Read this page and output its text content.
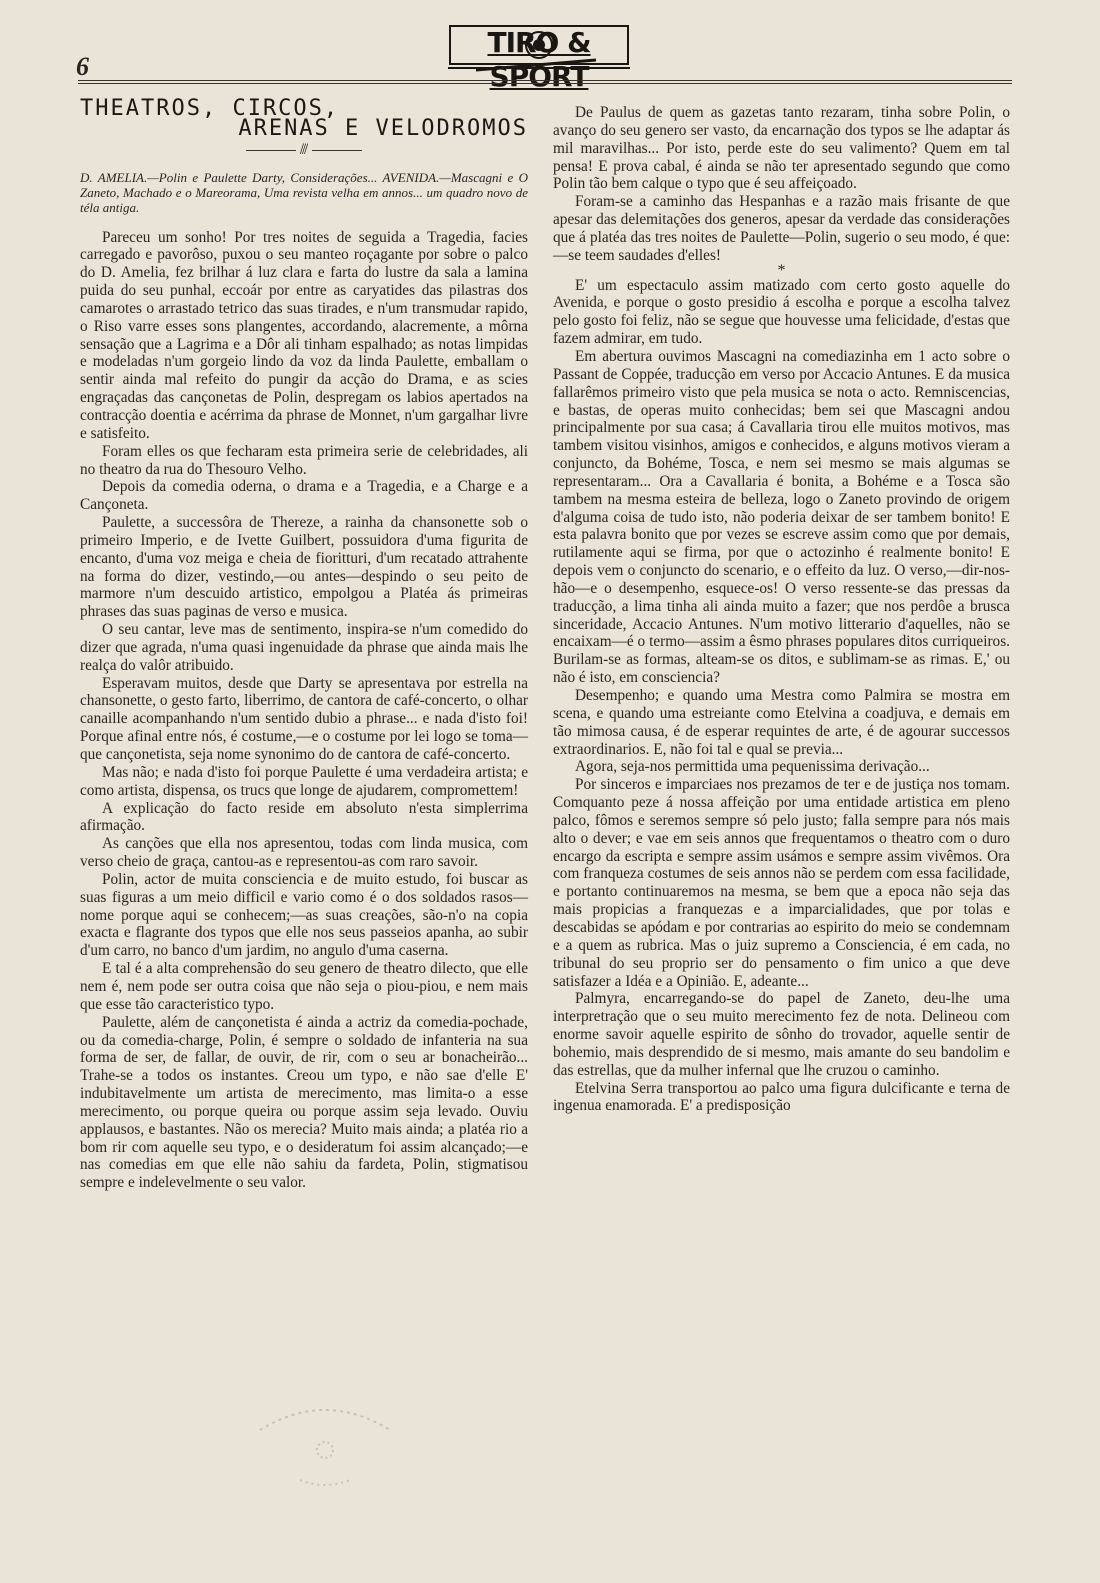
6
TIRO & SPORT
THEATROS, CIRCOS,
ARENAS E VELODROMOS
⫻

D. AMELIA.—Polin e Paulette Darty, Considerações... AVENIDA.—Mascagni e O Zaneto, Machado e o Mareorama, Uma revista velha em annos... um quadro novo de téla antiga.

Pareceu um sonho! Por tres noites de seguida a Tragedia, facies carregado e pavorôso, puxou o seu manteo roçagante por sobre o palco do D. Amelia, fez brilhar á luz clara e farta do lustre da sala a lamina puida do seu punhal, eccoár por entre as caryatides das pilastras dos camarotes o arrastado tetrico das suas tirades, e n'um transmudar rapido, o Riso varre esses sons plangentes, accordando, alacremente, a môrna sensação que a Lagrima e a Dôr ali tinham espalhado; as notas limpidas e modeladas n'um gorgeio lindo da voz da linda Paulette, emballam o sentir ainda mal refeito do pungir da acção do Drama, e as scies engraçadas das cançonetas de Polin, despregam os labios apertados na contracção doentia e acérrima da phrase de Monnet, n'um gargalhar livre e satisfeito.

Foram elles os que fecharam esta primeira serie de celebridades, ali no theatro da rua do Thesouro Velho.

Depois da comedia oderna, o drama e a Tragedia, e a Charge e a Cançoneta.

Paulette, a successôra de Thereze, a rainha da chansonette sob o primeiro Imperio, e de Ivette Guilbert, possuidora d'uma figurita de encanto, d'uma voz meiga e cheia de fioritturi, d'um recatado attrahente na forma do dizer, vestindo,—ou antes—despindo o seu peito de marmore n'um descuido artistico, empolgou a Platéa ás primeiras phrases das suas paginas de verso e musica.

O seu cantar, leve mas de sentimento, inspira-se n'um comedido do dizer que agrada, n'uma quasi ingenuidade da phrase que ainda mais lhe realça do valôr atribuido.

Esperavam muitos, desde que Darty se apresentava por estrella na chansonette, o gesto farto, liberrimo, de cantora de café-concerto, o olhar canaille acompanhando n'um sentido dubio a phrase... e nada d'isto foi! Porque afinal entre nós, é costume,—e o costume por lei logo se toma—que cançonetista, seja nome synonimo do de cantora de café-concerto.

Mas não; e nada d'isto foi porque Paulette é uma verdadeira artista; e como artista, dispensa, os trucs que longe de ajudarem, compromettem!

A explicação do facto reside em absoluto n'esta simplerrima afirmação.

As canções que ella nos apresentou, todas com linda musica, com verso cheio de graça, cantou-as e representou-as com raro savoir.

Polin, actor de muita consciencia e de muito estudo, foi buscar as suas figuras a um meio difficil e vario como é o dos soldados rasos—nome porque aqui se conhecem;—as suas creações, são-n'o na copia exacta e flagrante dos typos que elle nos seus passeios apanha, ao subir d'um carro, no banco d'um jardim, no angulo d'uma caserna.

E tal é a alta comprehensão do seu genero de theatro dilecto, que elle nem é, nem pode ser outra coisa que não seja o piou-piou, e nem mais que esse tão caracteristico typo.

Paulette, além de cançonetista é ainda a actriz da comedia-pochade, ou da comedia-charge, Polin, é sempre o soldado de infanteria na sua forma de ser, de fallar, de ouvir, de rir, com o seu ar bonacheirão... Trahe-se a todos os instantes. Creou um typo, e não sae d'elle E' indubitavelmente um artista de merecimento, mas limita-o a esse merecimento, ou porque queira ou porque assim seja levado. Ouviu applausos, e bastantes. Não os merecia? Muito mais ainda; a platéa rio a bom rir com aquelle seu typo, e o desideratum foi assim alcançado;—e nas comedias em que elle não sahiu da fardeta, Polin, stigmatisou sempre e indelevelmente o seu valor.

De Paulus de quem as gazetas tanto rezaram, tinha sobre Polin, o avanço do seu genero ser vasto, da encarnação dos typos se lhe adaptar ás mil maravilhas... Por isto, perde este do seu valimento? Quem em tal pensa! E prova cabal, é ainda se não ter apresentado segundo que como Polin tão bem calque o typo que é seu affeiçoado.

Foram-se a caminho das Hespanhas e a razão mais frisante de que apesar das delemitações dos generos, apesar da verdade das considerações que á platéa das tres noites de Paulette—Polin, sugerio o seu modo, é que:—se teem saudades d'elles!

*

E' um espectaculo assim matizado com certo gosto aquelle do Avenida, e porque o gosto presidio á escolha e porque a escolha talvez pelo gosto foi feliz, não se segue que houvesse uma felicidade, d'estas que fazem admirar, em tudo.

Em abertura ouvimos Mascagni na comediazinha em 1 acto sobre o Passant de Coppée, traducção em verso por Accacio Antunes. E da musica fallarêmos primeiro visto que pela musica se nota o acto. Remniscencias, e bastas, de operas muito conhecidas; bem sei que Mascagni andou principalmente por sua casa; á Cavallaria tirou elle muitos motivos, mas tambem visitou visinhos, amigos e conhecidos, e alguns motivos vieram a conjuncto, da Bohéme, Tosca, e nem sei mesmo se mais algumas se representaram... Ora a Cavallaria é bonita, a Bohéme e a Tosca são tambem na mesma esteira de belleza, logo o Zaneto provindo de origem d'alguma coisa de tudo isto, não poderia deixar de ser tambem bonito! E esta palavra bonito que por vezes se escreve assim como que por demais, rutilamente aqui se firma, por que o actozinho é realmente bonito! E depois vem o conjuncto do scenario, e o effeito da luz. O verso,—dir-nos-hão—e o desempenho, esquece-os! O verso ressente-se das pressas da traducção, a lima tinha ali ainda muito a fazer; que nos perdôe a brusca sinceridade, Accacio Antunes. N'um motivo litterario d'aquelles, não se encaixam—é o termo—assim a êsmo phrases populares ditos curriqueiros. Burilam-se as formas, alteam-se os ditos, e sublimam-se as rimas. E,' ou não é isto, em consciencia?

Desempenho; e quando uma Mestra como Palmira se mostra em scena, e quando uma estreiante como Etelvina a coadjuva, e demais em tão mimosa causa, é de esperar requintes de arte, é de agourar successos extraordinarios. E, não foi tal e qual se previa...

Agora, seja-nos permittida uma pequenissima derivação...

Por sinceros e imparciaes nos prezamos de ter e de justiça nos tomam. Comquanto peze á nossa affeição por uma entidade artistica em pleno palco, fômos e seremos sempre só pelo justo; falla sempre para nós mais alto o dever; e vae em seis annos que frequentamos o theatro com o duro encargo da escripta e sempre assim usámos e sempre assim vivêmos. Ora com franqueza costumes de seis annos não se perdem com essa facilidade, e portanto continuaremos na mesma, se bem que a epoca não seja das mais propicias a franquezas e a imparcialidades, que por tolas e descabidas se apódam e por contrarias ao espirito do meio se condemnam e a quem as rubrica. Mas o juiz supremo a Consciencia, é em cada, no tribunal do seu proprio ser do pensamento o fim unico a que deve satisfazer a Idéa e a Opinião. E, adeante...

Palmyra, encarregando-se do papel de Zaneto, deu-lhe uma interpretração que o seu muito merecimento fez de nota. Delineou com enorme savoir aquelle espirito de sônho do trovador, aquelle sentir de bohemio, mais desprendido de si mesmo, mais amante do seu bandolim e das estrellas, que da mulher infernal que lhe cruzou o caminho.

Etelvina Serra transportou ao palco uma figura dulcificante e terna de ingenua enamorada. E' a predisposição
